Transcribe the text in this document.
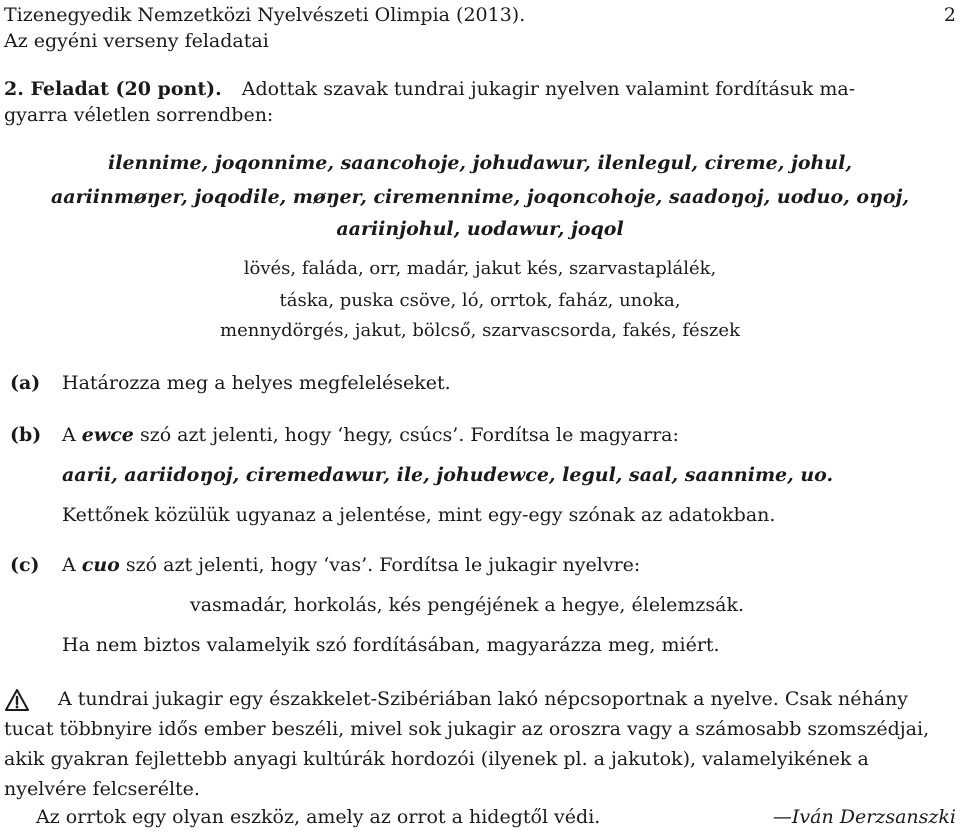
Tizenegyedik Nemzetközi Nyelvészeti Olimpia (2013).	2
Az egyéni verseny feladatai
2. Feladat (20 pont). Adottak szavak tundrai jukagir nyelven valamint fordításuk ma-
gyarra véletlen sorrendben:
ilennime, joqonnime, saancohoje, johudawur, ilenlegul, cireme, johul,
aariinmøŋer, joqodile, møŋer, ciremennime, joqoncohoje, saadoŋoj, uoduo, oŋoj,
aariinjohul, uodawur, joqol
lövés, faláda, orr, madár, jakut kés, szarvastaplálék,
táska, puska csöve, ló, orrtok, faház, unoka,
mennydörgés, jakut, bölcső, szarvascsorda, fakés, fészek
(a) Határozza meg a helyes megfeleléseket.
(b) A ewce szó azt jelenti, hogy ‘hegy, csúcs’. Fordítsa le magyarra:
aarii, aariidoŋoj, ciremedawur, ile, johudewce, legul, saal, saannime, uo.
Kettőnek közülük ugyanaz a jelentése, mint egy-egy szónak az adatokban.
(c) A cuo szó azt jelenti, hogy ‘vas’. Fordítsa le jukagir nyelvre:
vasmadár, horkolás, kés pengéjének a hegye, élelemzsák.
Ha nem biztos valamelyik szó fordításában, magyarázza meg, miért.
A tundrai jukagir egy északkelet-Szibériában lakó népcsoportnak a nyelve. Csak néhány
tucat többnyire idős ember beszéli, mivel sok jukagir az oroszra vagy a számosabb szomszédjai,
akik gyakran fejlettebb anyagi kultúrák hordozói (ilyenek pl. a jakutok), valamelyikének a
nyelvére felcserélte.
Az orrtok egy olyan eszköz, amely az orrot a hidegtől védi.	—Iván Derzsanszki
